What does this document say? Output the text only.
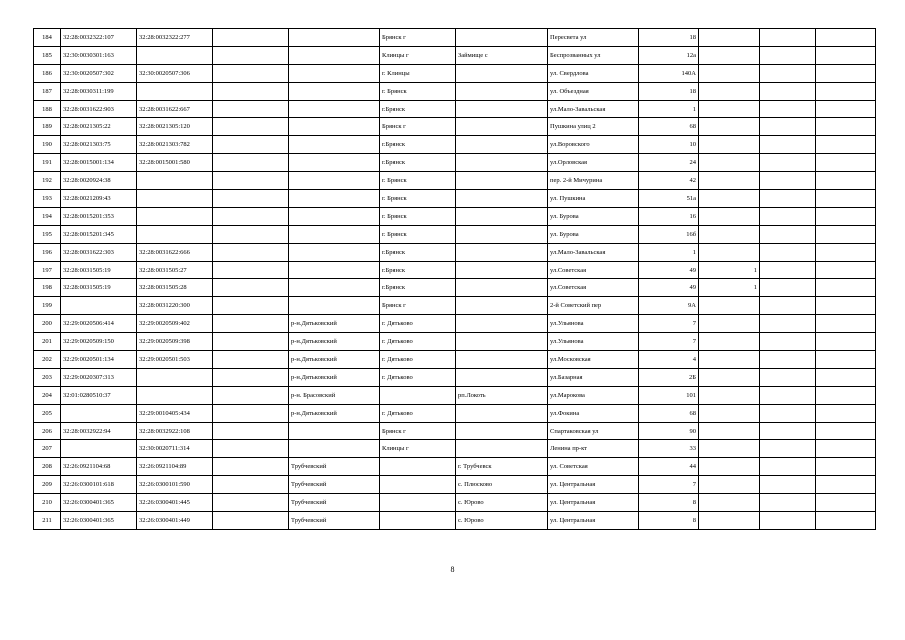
184	32:28:0032322:107	32:28:0032322:277			Брянск г		Пересвета ул	18			
185	32:30:0030301:163				Клинцы г	Займище с	Беспрозванных ул	12а			
186	32:30:0020507:302	32:30:0020507:306			г. Клинцы		ул. Свердлова	140А			
187	32:28:0030311:199				г. Брянск		ул. Объездная	18			
188	32:28:0031622:903	32:28:0031622:667			г.Брянск		ул.Мало-Завальская	1			
189	32:28:0021305:22	32:28:0021305:120			Брянск г		Пушкина улиц 2	68			
190	32:28:0021303:75	32:28:0021303:782			г.Брянск		ул.Воровского	10			
191	32:28:0015001:134	32:28:0015001:580			г.Брянск		ул.Орловская	24			
192	32:28:0020924:38				г. Брянск		пер. 2-й Мичурина	42			
193	32:28:0021209:43				г. Брянск		ул. Пушкина	51а			
194	32:28:0015201:353				г. Брянск		ул. Бурова	16			
195	32:28:0015201:345				г. Брянск		ул. Бурова	16б			
196	32:28:0031622:303	32:28:0031622:666			г.Брянск		ул.Мало-Завальская	1			
197	32:28:0031505:19	32:28:0031505:27			г.Брянск		ул.Советская	49	1		
198	32:28:0031505:19	32:28:0031505:28			г.Брянск		ул.Советская	49	1		
199		32:28:0031220:300			Брянск г		2-й Советский пер	9А			
200	32:29:0020506:414	32:29:0020509:402		р-н.Дятьковский	г. Дятьково		ул.Ульянова	7			
201	32:29:0020509:150	32:29:0020509:398		р-н.Дятьковский	г. Дятьково		ул.Ульянова	7			
202	32:29:0020501:134	32:29:0020501:503		р-н.Дятьковский	г. Дятьково		ул.Московская	4			
203	32:29:0020307:313			р-н.Дятьковский	г. Дятьково		ул.Базарная	2Б			
204	32:01:0280510:37			р-н. Брасовский		рп.Локоть	ул.Марокова	101			
205		32:29:0010405:434		р-н.Дятьковский	г. Дятьково		ул.Фокина	68			
206	32:28:0032922:94	32:28:0032922:108			Брянск г		Спартаковская ул	90			
207		32:30:0020711:314			Клинцы г		Ленина пр-кт	33			
208	32:26:0921104:68	32:26:0921104:89		Трубчевский		г. Трубчевск	ул. Советская	44			
209	32:26:0300101:618	32:26:0300101:590		Трубчевский		с. Плюсково	ул. Центральная	7			
210	32:26:0300401:365	32:26:0300401:445		Трубчевский		с. Юрово	ул. Центральная	8			
211	32:26:0300401:365	32:26:0300401:449		Трубчевский		с. Юрово	ул. Центральная	8			
8
